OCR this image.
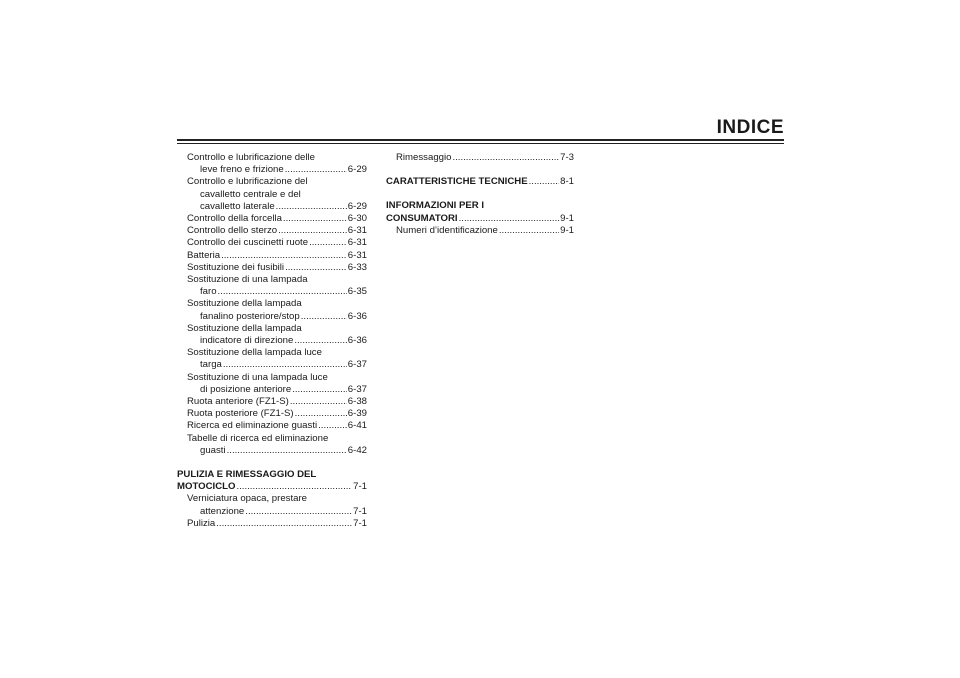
INDICE
Controllo e lubrificazione delle
leve freno e frizione .....	6-29
Controllo e lubrificazione del
cavalletto centrale e del
cavalletto laterale .....	6-29
Controllo della forcella .....	6-30
Controllo dello sterzo .....	6-31
Controllo dei cuscinetti ruote .....	6-31
Batteria .....	6-31
Sostituzione dei fusibili .....	6-33
Sostituzione di una lampada
faro .....	6-35
Sostituzione della lampada
fanalino posteriore/stop .....	6-36
Sostituzione della lampada
indicatore di direzione .....	6-36
Sostituzione della lampada luce
targa .....	6-37
Sostituzione di una lampada luce
di posizione anteriore .....	6-37
Ruota anteriore (FZ1-S) .....	6-38
Ruota posteriore (FZ1-S) .....	6-39
Ricerca ed eliminazione guasti .....	6-41
Tabelle di ricerca ed eliminazione
guasti .....	6-42
PULIZIA E RIMESSAGGIO DEL
MOTOCICLO .....	7-1
Verniciatura opaca, prestare
attenzione .....	7-1
Pulizia .....	7-1
Rimessaggio .....	7-3
CARATTERISTICHE TECNICHE .....	8-1
INFORMAZIONI PER I
CONSUMATORI .....	9-1
Numeri d’identificazione .....	9-1
